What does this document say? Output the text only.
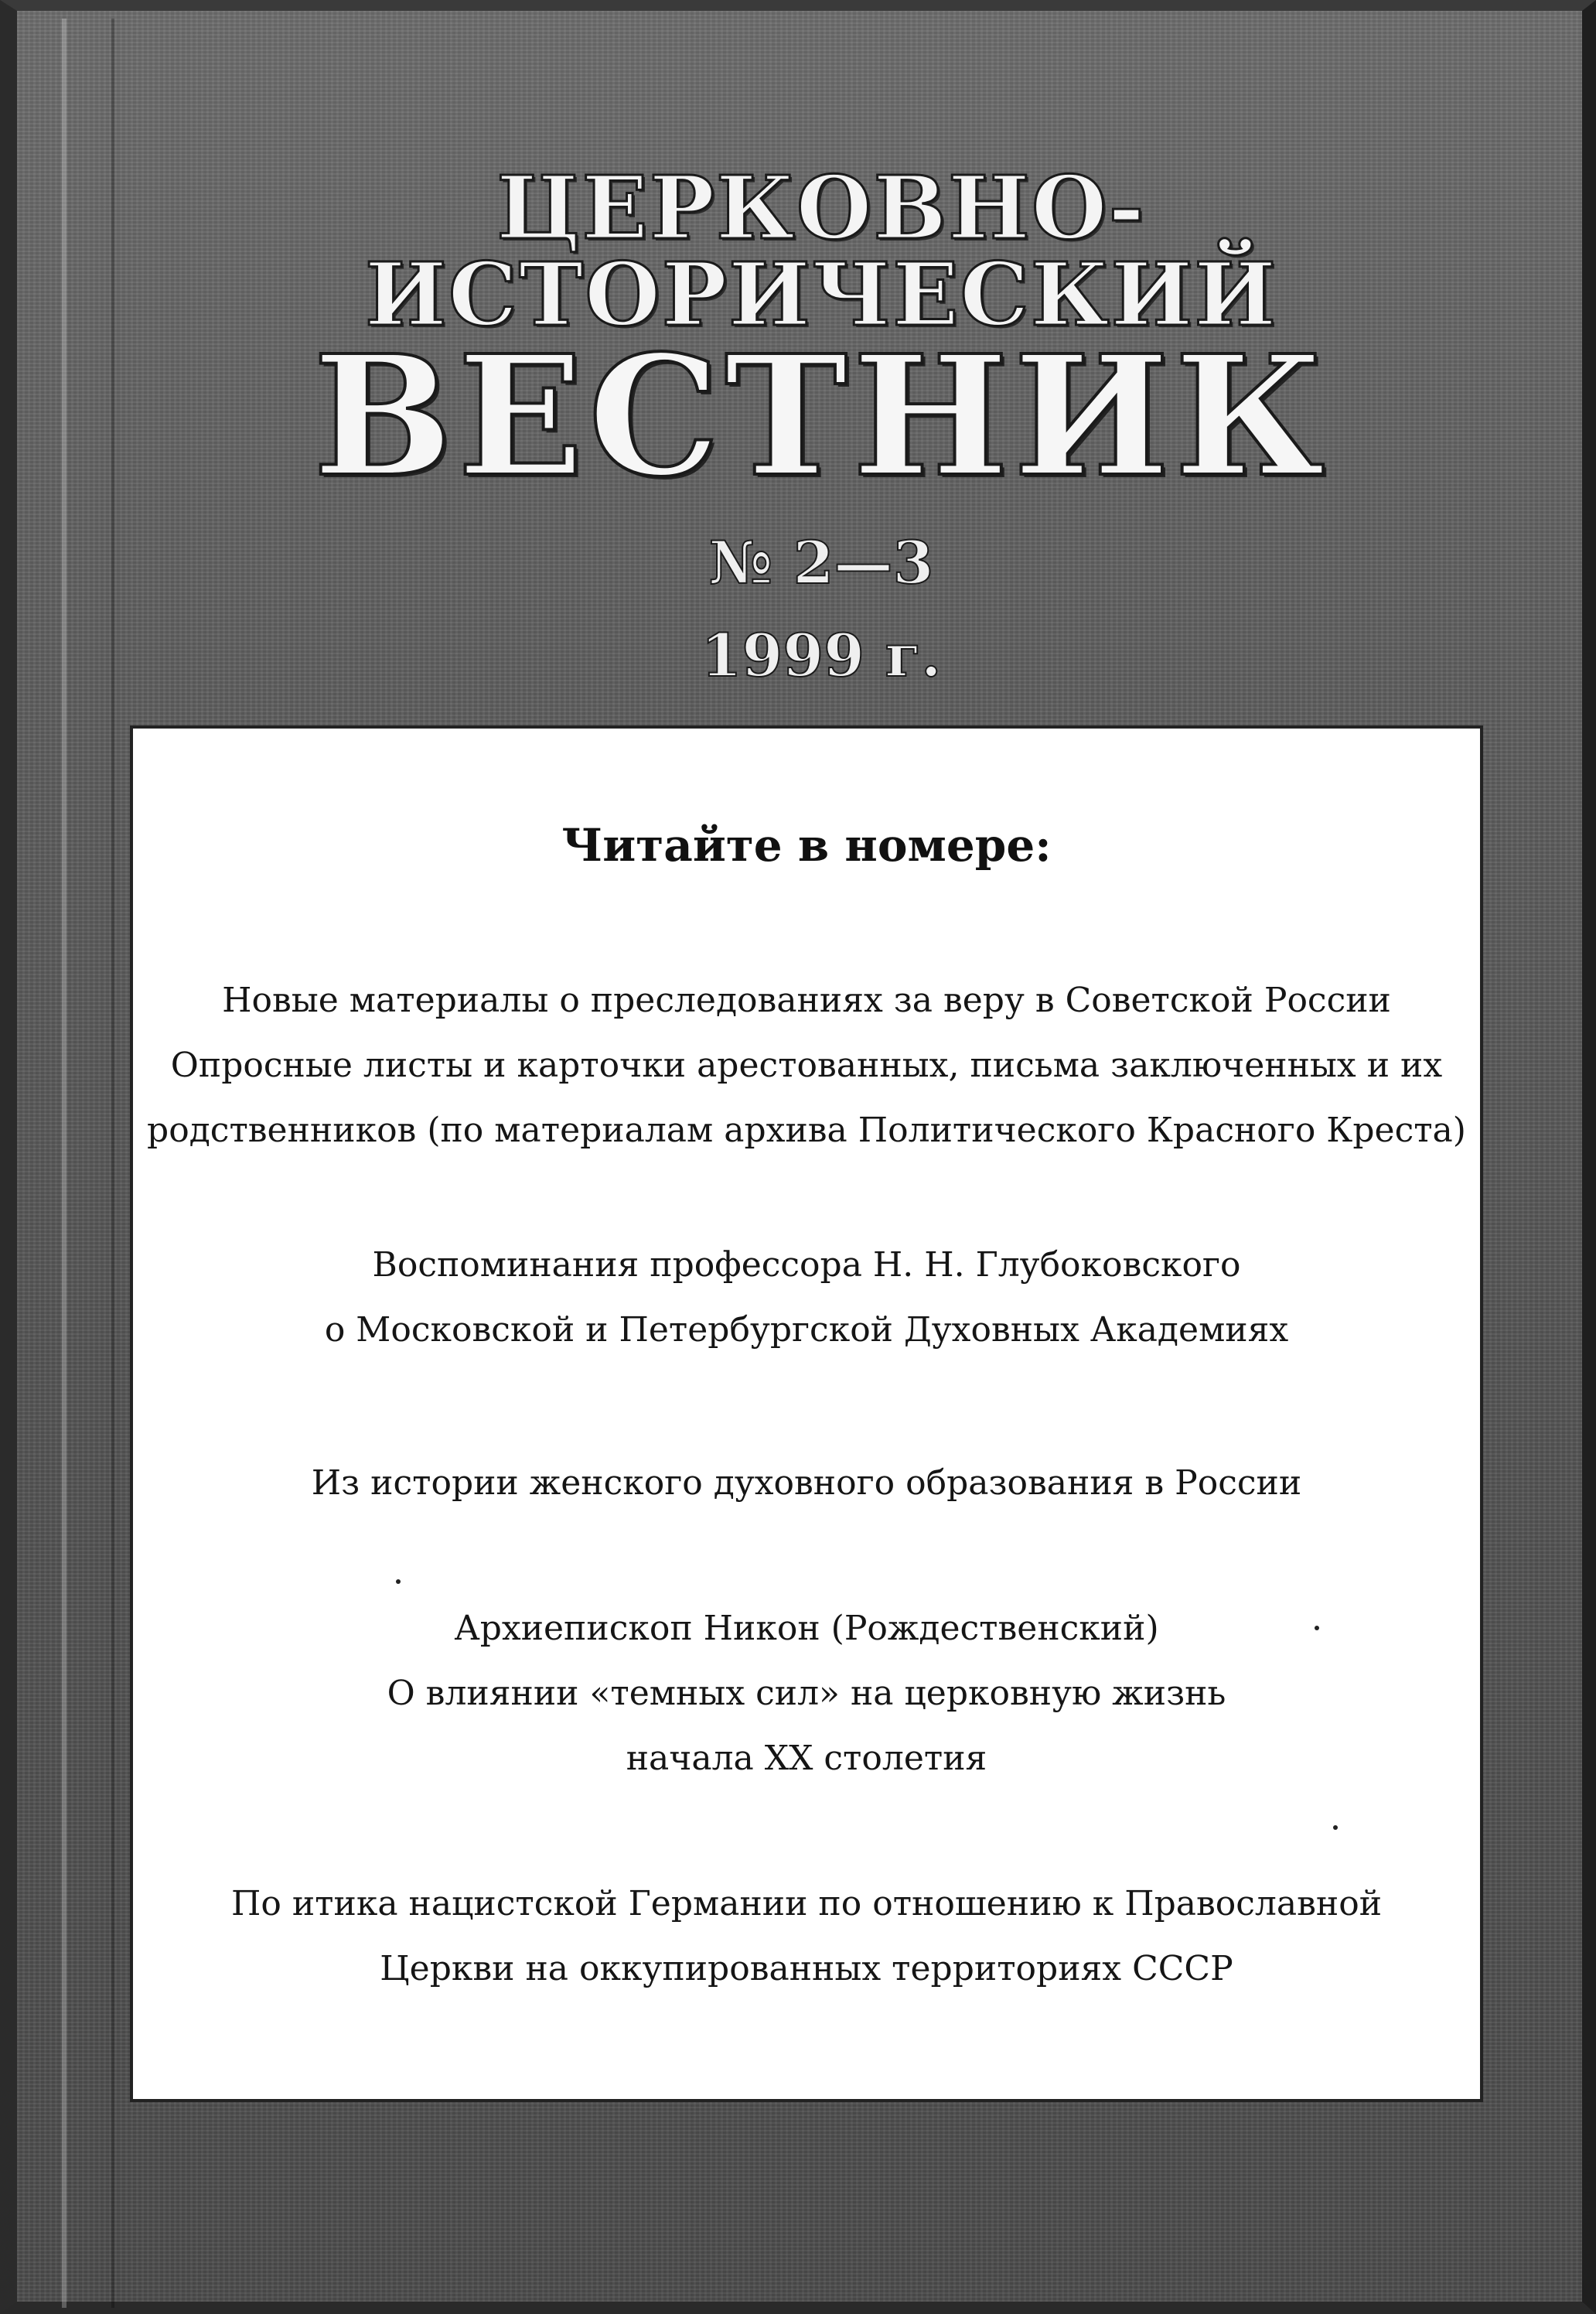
ЦЕРКОВНО-ИСТОРИЧЕСКИЙ
ВЕСТНИК
№ 2—3
1999 г.
Читайте в номере:
Новые материалы о преследованиях за веру в Советской России
Опросные листы и карточки арестованных, письма заключенных и их
родственников (по материалам архива Политического Красного Креста)
Воспоминания профессора Н. Н. Глубоковского
о Московской и Петербургской Духовных Академиях
Из истории женского духовного образования в России
Архиепископ Никон (Рождественский)
О влиянии «темных сил» на церковную жизнь
начала XX столетия
По итика нацистской Германии по отношению к Православной
Церкви на оккупированных территориях СССР
